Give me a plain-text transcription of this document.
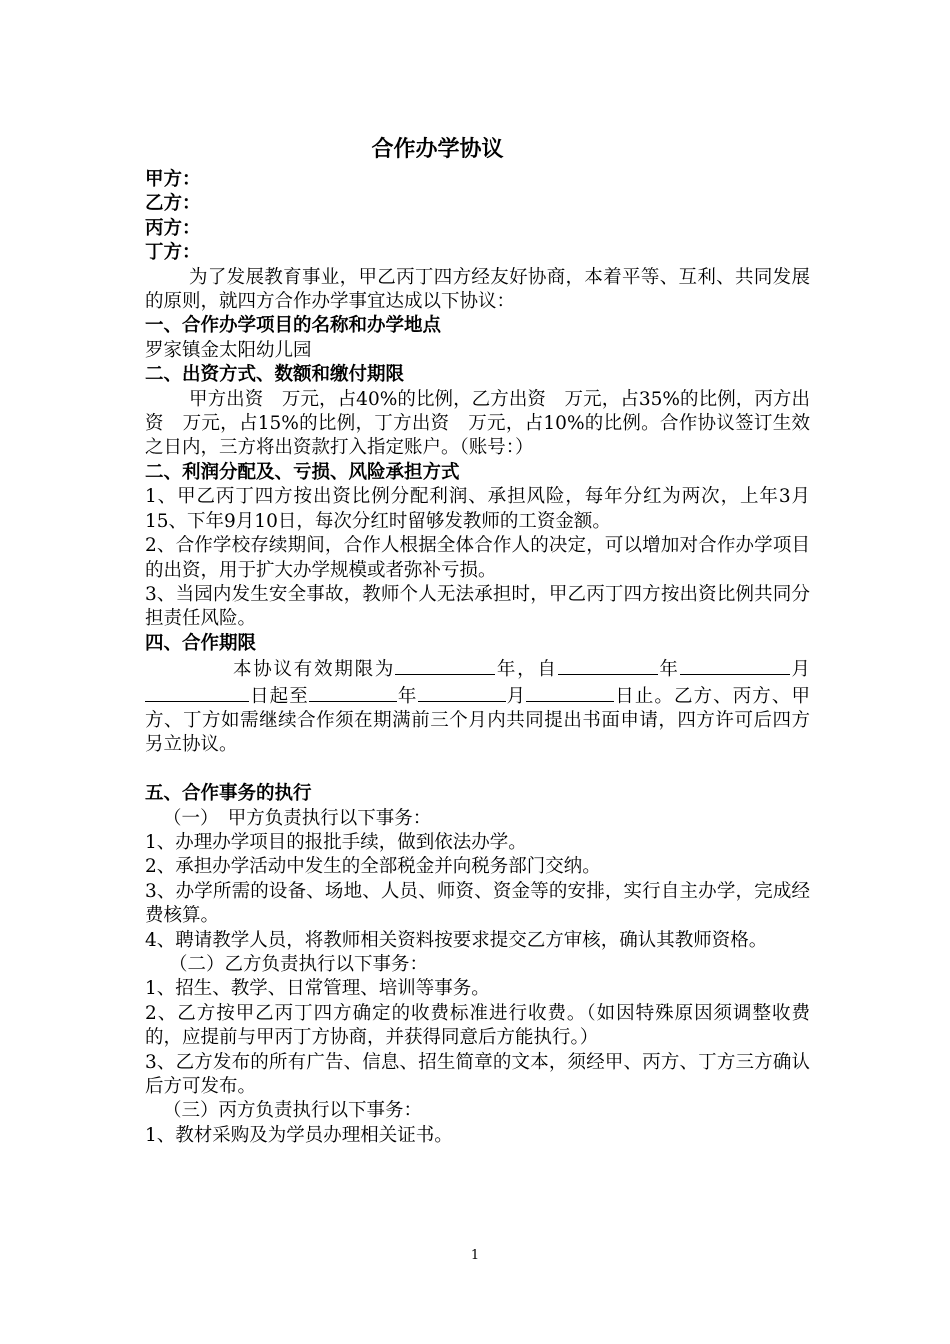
合作办学协议

甲方：

乙方：

丙方：

丁方：

为了发展教育事业，甲乙丙丁四方经友好协商，本着平等、互利、共同发展的原则，就四方合作办学事宜达成以下协议：

一、合作办学项目的名称和办学地点

罗家镇金太阳幼儿园

二、出资方式、数额和缴付期限

甲方出资　万元，占40%的比例，乙方出资　万元，占35%的比例，丙方出资　万元，占15%的比例，丁方出资　万元，占10%的比例。合作协议签订生效之日内，三方将出资款打入指定账户。（账号：）

二、利润分配及、亏损、风险承担方式

1、甲乙丙丁四方按出资比例分配利润、承担风险，每年分红为两次，上年3月15、下年9月10日，每次分红时留够发教师的工资金额。

2、合作学校存续期间，合作人根据全体合作人的决定，可以增加对合作办学项目的出资，用于扩大办学规模或者弥补亏损。

3、当园内发生安全事故，教师个人无法承担时，甲乙丙丁四方按出资比例共同分担责任风险。

四、合作期限

本协议有效期限为	年，自	年	月日起至	年	月	日止。乙方、丙方、甲方、丁方如需继续合作须在期满前三个月内共同提出书面申请，四方许可后四方另立协议。

五、合作事务的执行

（一）　甲方负责执行以下事务：

1、办理办学项目的报批手续，做到依法办学。

2、承担办学活动中发生的全部税金并向税务部门交纳。

3、办学所需的设备、场地、人员、师资、资金等的安排，实行自主办学，完成经费核算。

4、聘请教学人员，将教师相关资料按要求提交乙方审核，确认其教师资格。

（二）乙方负责执行以下事务：

1、招生、教学、日常管理、培训等事务。

2、乙方按甲乙丙丁四方确定的收费标准进行收费。（如因特殊原因须调整收费的，应提前与甲丙丁方协商，并获得同意后方能执行。）

3、乙方发布的所有广告、信息、招生简章的文本，须经甲、丙方、丁方三方确认后方可发布。

（三）丙方负责执行以下事务：

1、教材采购及为学员办理相关证书。

1
